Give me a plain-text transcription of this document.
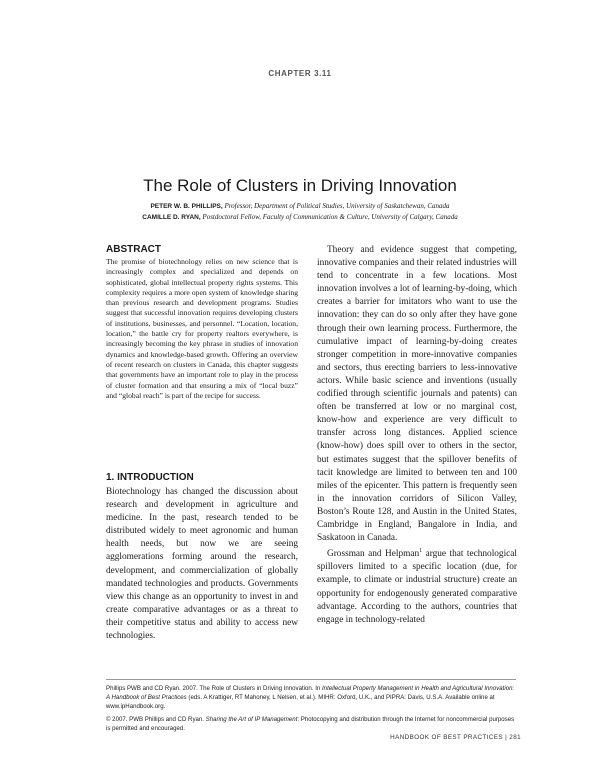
CHAPTER 3.11
The Role of Clusters in Driving Innovation
PETER W. B. PHILLIPS, Professor, Department of Political Studies, University of Saskatchewan, Canada
CAMILLE D. RYAN, Postdoctoral Fellow, Faculty of Communication & Culture, University of Calgary, Canada
ABSTRACT

The promise of biotechnology relies on new science that is increasingly complex and specialized and depends on sophisticated, global intellectual property rights systems. This complexity requires a more open system of knowledge sharing than previous research and development programs. Studies suggest that successful innovation requires developing clusters of institutions, businesses, and personnel. “Location, location, location,” the battle cry for property realtors everywhere, is increasingly becoming the key phrase in studies of innovation dynamics and knowledge-based growth. Offering an overview of recent research on clusters in Canada, this chapter suggests that governments have an important role to play in the process of cluster formation and that ensuring a mix of “local buzz” and “global reach” is part of the recipe for success.

1. INTRODUCTION

Biotechnology has changed the discussion about research and development in agriculture and medicine. In the past, research tended to be distributed widely to meet agronomic and human health needs, but now we are seeing agglomerations forming around the research, development, and commercialization of globally mandated technologies and products. Governments view this change as an opportunity to invest in and create comparative advantages or as a threat to their competitive status and ability to access new technologies.

Theory and evidence suggest that competing, innovative companies and their related industries will tend to concentrate in a few locations. Most innovation involves a lot of learning-by-doing, which creates a barrier for imitators who want to use the innovation: they can do so only after they have gone through their own learning process. Furthermore, the cumulative impact of learning-by-doing creates stronger competition in more-innovative companies and sectors, thus erecting barriers to less-innovative actors. While basic science and inventions (usually codified through scientific journals and patents) can often be transferred at low or no marginal cost, know-how and experience are very difficult to transfer across long distances. Applied science (know-how) does spill over to others in the sector, but estimates suggest that the spillover benefits of tacit knowledge are limited to between ten and 100 miles of the epicenter. This pattern is frequently seen in the innovation corridors of Silicon Valley, Boston’s Route 128, and Austin in the United States, Cambridge in England, Bangalore in India, and Saskatoon in Canada.

Grossman and Helpman$^1$ argue that technological spillovers limited to a specific location (due, for example, to climate or industrial structure) create an opportunity for endogenously generated comparative advantage. According to the authors, countries that engage in technology-related

Phillips PWB and CD Ryan. 2007. The Role of Clusters in Driving Innovation. In Intellectual Property Management in Health and Agricultural Innovation: A Handbook of Best Practices (eds. A Krattiger, RT Mahoney, L Nelsen, et al.). MIHR: Oxford, U.K., and PIPRA: Davis, U.S.A. Available online at www.ipHandbook.org.
© 2007. PWB Phillips and CD Ryan. Sharing the Art of IP Management: Photocopying and distribution through the Internet for noncommercial purposes is permitted and encouraged.
HANDBOOK OF BEST PRACTICES | 281
